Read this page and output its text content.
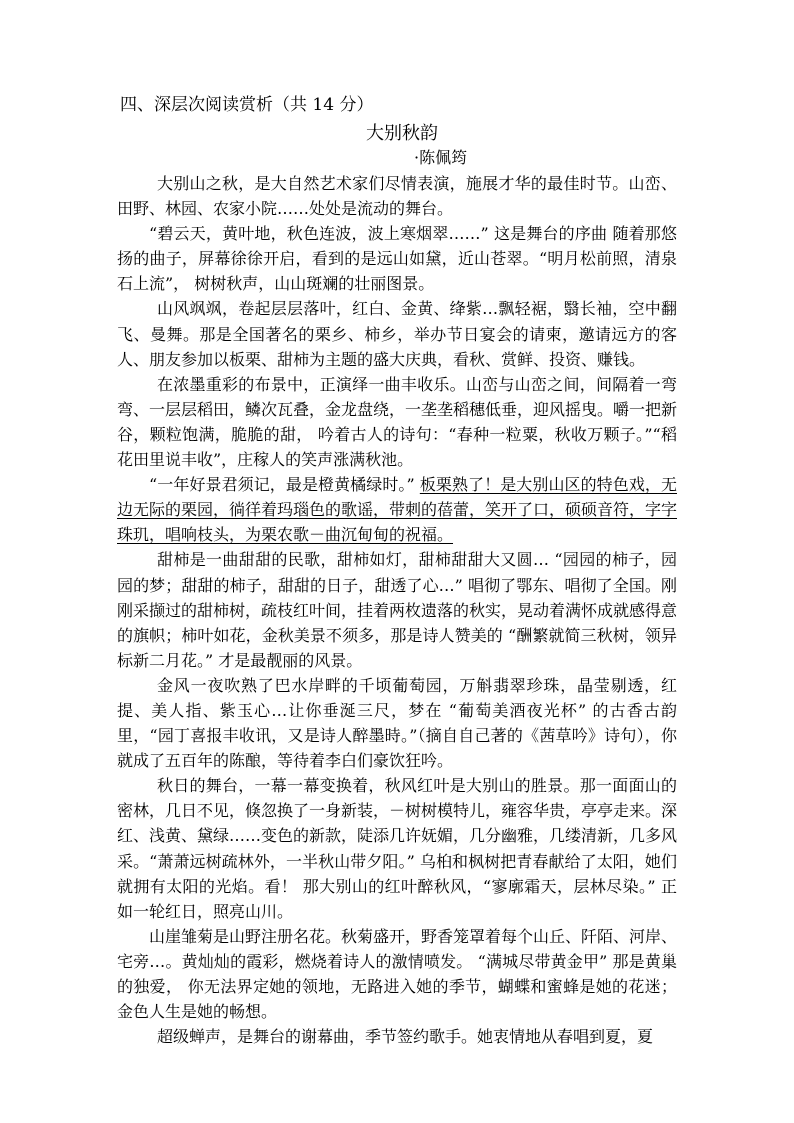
四、深层次阅读赏析（共 14 分）
大别秋韵
·陈佩筠

大别山之秋，是大自然艺术家们尽情表演，施展才华的最佳时节。山峦、田野、林园、农家小院……处处是流动的舞台。

“碧云天，黄叶地，秋色连波，波上寒烟翠……” 这是舞台的序曲 随着那悠扬的曲子，屏幕徐徐开启，看到的是远山如黛，近山苍翠。“明月松前照，清泉石上流”， 树树秋声，山山斑斓的壮丽图景。

山风飒飒，卷起层层落叶，红白、金黄、绛紫…飘轻裾，翳长袖，空中翻飞、曼舞。那是全国著名的栗乡、柿乡，举办节日宴会的请柬，邀请远方的客人、朋友参加以板栗、甜柿为主题的盛大庆典，看秋、赏鲜、投资、赚钱。

在浓墨重彩的布景中，正演绎一曲丰收乐。山峦与山峦之间，间隔着一弯弯、一层层稻田，鳞次瓦叠，金龙盘绕，一垄垄稻穗低垂，迎风摇曳。嚼一把新谷，颗粒饱满，脆脆的甜， 吟着古人的诗句：“春种一粒粟，秋收万颗子。”“稻花田里说丰收”，庄稼人的笑声涨满秋池。

“一年好景君须记，最是橙黄橘绿时。” 板栗熟了！是大别山区的特色戏，无边无际的栗园，徜徉着玛瑙色的歌谣，带刺的蓓蕾，笑开了口，硕硕音符，字字珠玑，唱响枝头，为栗农歌－曲沉甸甸的祝福。

甜柿是一曲甜甜的民歌，甜柿如灯，甜柿甜甜大又圆… “园园的柿子，园园的梦；甜甜的柿子，甜甜的日子，甜透了心…” 唱彻了鄂东、唱彻了全国。刚刚采撷过的甜柿树，疏枝红叶间，挂着两枚遗落的秋实，晃动着满怀成就感得意的旗帜；柿叶如花，金秋美景不须多，那是诗人赞美的 “酬繁就简三秋树，领异标新二月花。” 才是最靓丽的风景。

金风一夜吹熟了巴水岸畔的千顷葡萄园，万斛翡翠珍珠，晶莹剔透，红提、美人指、紫玉心…让你垂涎三尺，梦在 “葡萄美酒夜光杯” 的古香古韵里，“园丁喜报丰收讯，又是诗人醉墨時。”（摘自自己著的《茜草吟》诗句），你就成了五百年的陈酿，等待着李白们豪饮狂吟。

秋日的舞台，一幕一幕变换着，秋风红叶是大别山的胜景。那一面面山的密林，几日不见，倏忽换了一身新装，－树树模特儿，雍容华贵，亭亭走来。深红、浅黄、黛绿……变色的新款，陡添几许妩媚，几分幽雅，几缕清新，几多风采。“萧萧远树疏林外，一半秋山带夕阳。” 乌桕和枫树把青春献给了太阳，她们就拥有太阳的光焰。看！ 那大别山的红叶醉秋风，“寥廓霜天，层林尽染。” 正如一轮红日，照亮山川。

山崖雏菊是山野注册名花。秋菊盛开，野香笼罩着每个山丘、阡陌、河岸、宅旁…。黄灿灿的霞彩，燃烧着诗人的激情喷发。 “满城尽带黄金甲” 那是黄巢的独爱， 你无法界定她的领地，无路进入她的季节，蝴蝶和蜜蜂是她的花迷；金色人生是她的畅想。

超级蝉声，是舞台的谢幕曲，季节签约歌手。她衷情地从春唱到夏，夏
